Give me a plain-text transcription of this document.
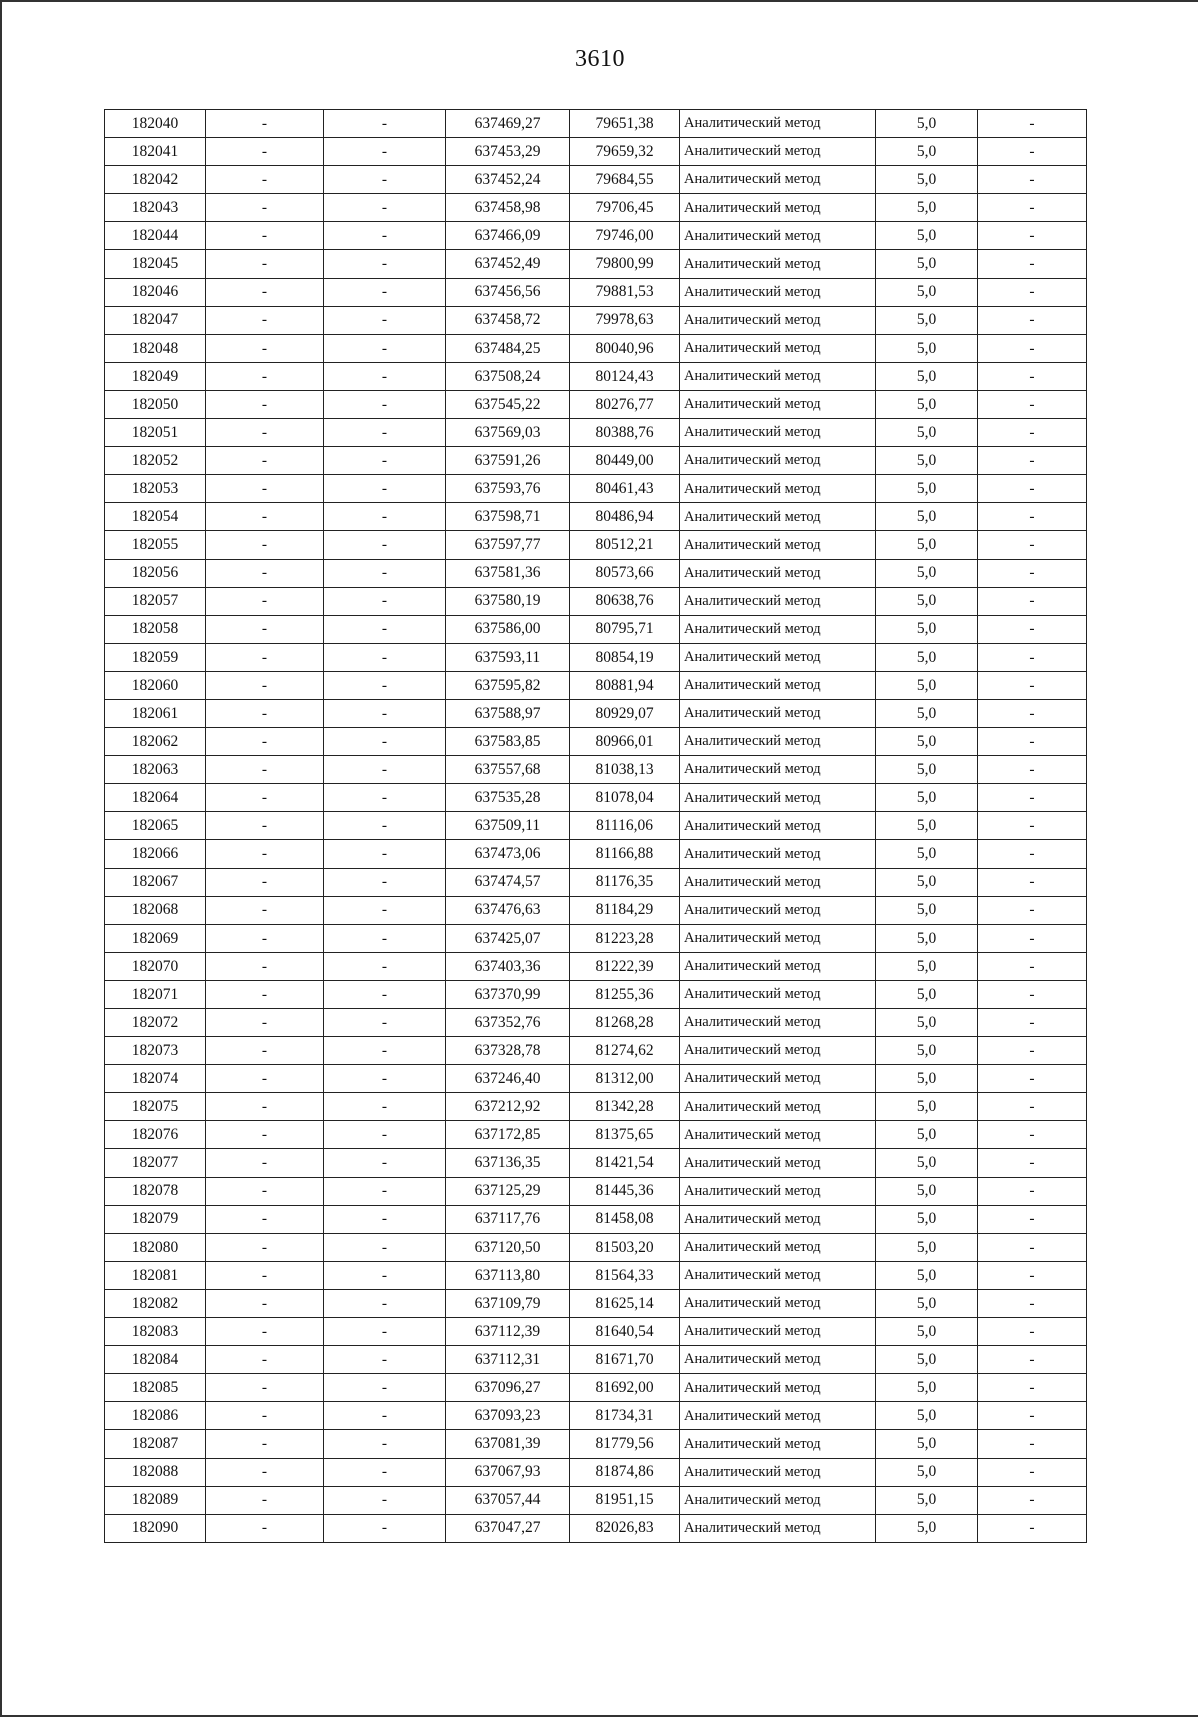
3610
182040	-	-	637469,27	79651,38	Аналитический метод	5,0	-
182041	-	-	637453,29	79659,32	Аналитический метод	5,0	-
182042	-	-	637452,24	79684,55	Аналитический метод	5,0	-
182043	-	-	637458,98	79706,45	Аналитический метод	5,0	-
182044	-	-	637466,09	79746,00	Аналитический метод	5,0	-
182045	-	-	637452,49	79800,99	Аналитический метод	5,0	-
182046	-	-	637456,56	79881,53	Аналитический метод	5,0	-
182047	-	-	637458,72	79978,63	Аналитический метод	5,0	-
182048	-	-	637484,25	80040,96	Аналитический метод	5,0	-
182049	-	-	637508,24	80124,43	Аналитический метод	5,0	-
182050	-	-	637545,22	80276,77	Аналитический метод	5,0	-
182051	-	-	637569,03	80388,76	Аналитический метод	5,0	-
182052	-	-	637591,26	80449,00	Аналитический метод	5,0	-
182053	-	-	637593,76	80461,43	Аналитический метод	5,0	-
182054	-	-	637598,71	80486,94	Аналитический метод	5,0	-
182055	-	-	637597,77	80512,21	Аналитический метод	5,0	-
182056	-	-	637581,36	80573,66	Аналитический метод	5,0	-
182057	-	-	637580,19	80638,76	Аналитический метод	5,0	-
182058	-	-	637586,00	80795,71	Аналитический метод	5,0	-
182059	-	-	637593,11	80854,19	Аналитический метод	5,0	-
182060	-	-	637595,82	80881,94	Аналитический метод	5,0	-
182061	-	-	637588,97	80929,07	Аналитический метод	5,0	-
182062	-	-	637583,85	80966,01	Аналитический метод	5,0	-
182063	-	-	637557,68	81038,13	Аналитический метод	5,0	-
182064	-	-	637535,28	81078,04	Аналитический метод	5,0	-
182065	-	-	637509,11	81116,06	Аналитический метод	5,0	-
182066	-	-	637473,06	81166,88	Аналитический метод	5,0	-
182067	-	-	637474,57	81176,35	Аналитический метод	5,0	-
182068	-	-	637476,63	81184,29	Аналитический метод	5,0	-
182069	-	-	637425,07	81223,28	Аналитический метод	5,0	-
182070	-	-	637403,36	81222,39	Аналитический метод	5,0	-
182071	-	-	637370,99	81255,36	Аналитический метод	5,0	-
182072	-	-	637352,76	81268,28	Аналитический метод	5,0	-
182073	-	-	637328,78	81274,62	Аналитический метод	5,0	-
182074	-	-	637246,40	81312,00	Аналитический метод	5,0	-
182075	-	-	637212,92	81342,28	Аналитический метод	5,0	-
182076	-	-	637172,85	81375,65	Аналитический метод	5,0	-
182077	-	-	637136,35	81421,54	Аналитический метод	5,0	-
182078	-	-	637125,29	81445,36	Аналитический метод	5,0	-
182079	-	-	637117,76	81458,08	Аналитический метод	5,0	-
182080	-	-	637120,50	81503,20	Аналитический метод	5,0	-
182081	-	-	637113,80	81564,33	Аналитический метод	5,0	-
182082	-	-	637109,79	81625,14	Аналитический метод	5,0	-
182083	-	-	637112,39	81640,54	Аналитический метод	5,0	-
182084	-	-	637112,31	81671,70	Аналитический метод	5,0	-
182085	-	-	637096,27	81692,00	Аналитический метод	5,0	-
182086	-	-	637093,23	81734,31	Аналитический метод	5,0	-
182087	-	-	637081,39	81779,56	Аналитический метод	5,0	-
182088	-	-	637067,93	81874,86	Аналитический метод	5,0	-
182089	-	-	637057,44	81951,15	Аналитический метод	5,0	-
182090	-	-	637047,27	82026,83	Аналитический метод	5,0	-
